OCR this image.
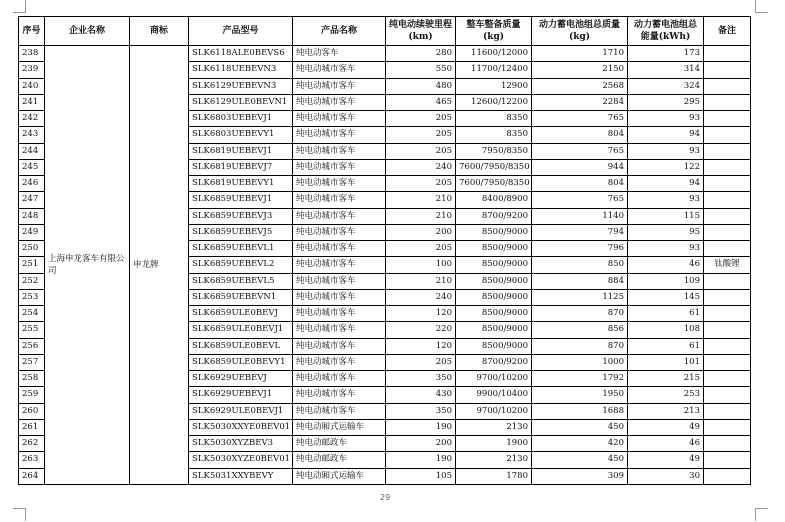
序号	企业名称	商标	产品型号	产品名称	纯电动续驶里程(km)	整车整备质量(kg)	动力蓄电池组总质量(kg)	动力蓄电池组总能量(kWh)	备注
238	上海申龙客车有限公司	申龙牌	SLK6118ALE0BEVS6	纯电动客车	280	11600/12000	1710	173	
239			SLK6118UEBEVN3	纯电动城市客车	550	11700/12400	2150	314	
240			SLK6129UEBEVN3	纯电动城市客车	480	12900	2568	324	
241			SLK6129ULE0BEVN1	纯电动城市客车	465	12600/12200	2284	295	
242			SLK6803UEBEVJ1	纯电动城市客车	205	8350	765	93	
243			SLK6803UEBEVY1	纯电动城市客车	205	8350	804	94	
244			SLK6819UEBEVJ1	纯电动城市客车	205	7950/8350	765	93	
245			SLK6819UEBEVJ7	纯电动城市客车	240	7600/7950/8350	944	122	
246			SLK6819UEBEVY1	纯电动城市客车	205	7600/7950/8350	804	94	
247			SLK6859UEBEVJ1	纯电动城市客车	210	8400/8900	765	93	
248			SLK6859UEBEVJ3	纯电动城市客车	210	8700/9200	1140	115	
249			SLK6859UEBEVJ5	纯电动城市客车	200	8500/9000	794	95	
250			SLK6859UEBEVL1	纯电动城市客车	205	8500/9000	796	93	
251			SLK6859UEBEVL2	纯电动城市客车	100	8500/9000	850	46	钛酸锂
252			SLK6859UEBEVL5	纯电动城市客车	210	8500/9000	884	109	
253			SLK6859UEBEVN1	纯电动城市客车	240	8500/9000	1125	145	
254			SLK6859ULE0BEVJ	纯电动城市客车	120	8500/9000	870	61	
255			SLK6859ULE0BEVJ1	纯电动城市客车	220	8500/9000	856	108	
256			SLK6859ULE0BEVL	纯电动城市客车	120	8500/9000	870	61	
257			SLK6859ULE0BEVY1	纯电动城市客车	205	8700/9200	1000	101	
258			SLK6929UEBEVJ	纯电动城市客车	350	9700/10200	1792	215	
259			SLK6929UEBEVJ1	纯电动城市客车	430	9900/10400	1950	253	
260			SLK6929ULE0BEVJ1	纯电动城市客车	350	9700/10200	1688	213	
261			SLK5030XXYE0BEV01	纯电动厢式运输车	190	2130	450	49	
262			SLK5030XYZBEV3	纯电动邮政车	200	1900	420	46	
263			SLK5030XYZE0BEV01	纯电动邮政车	190	2130	450	49	
264			SLK5031XXYBEVY	纯电动厢式运输车	105	1780	309	30	
29
